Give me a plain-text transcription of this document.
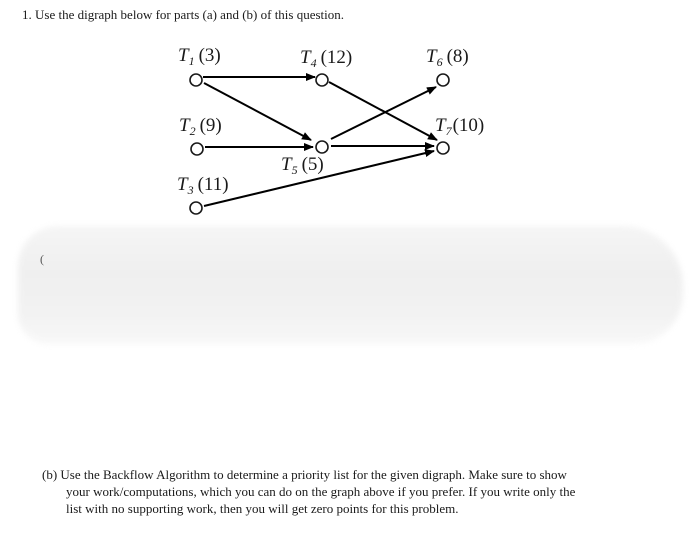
1. Use the digraph below for parts (a) and (b) of this question.
$T_1$ (3)	$T_4$ (12)	$T_6$ (8)
$T_2$ (9)
$T_5$ (5)
$T_7(10)$
$T_3$ (11)
(
(b) Use the Backflow Algorithm to determine a priority list for the given digraph. Make sure to show
your work/computations, which you can do on the graph above if you prefer. If you write only the
list with no supporting work, then you will get zero points for this problem.
